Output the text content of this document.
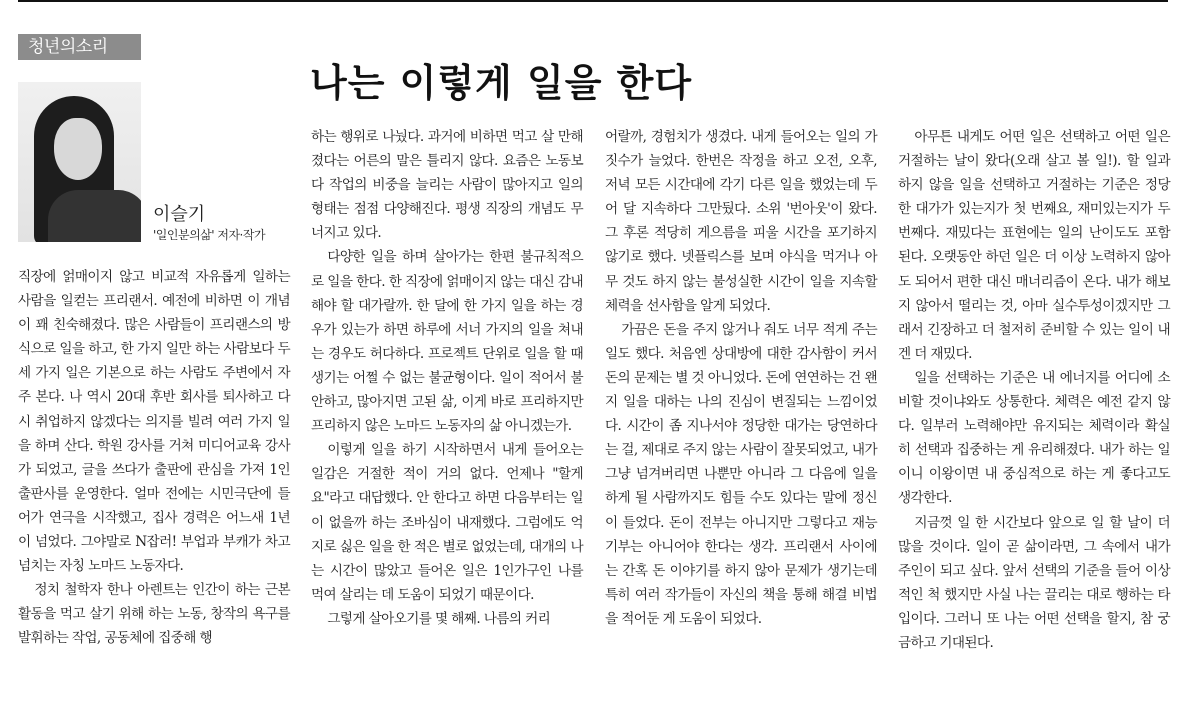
청년의소리
나는 이렇게 일을 한다
이슬기
'일인분의삶' 저자·작가

직장에 얽매이지 않고 비교적 자유롭게 일하는 사람을 일컫는 프리랜서. 예전에 비하면 이 개념이 꽤 친숙해졌다. 많은 사람들이 프리랜스의 방식으로 일을 하고, 한 가지 일만 하는 사람보다 두세 가지 일은 기본으로 하는 사람도 주변에서 자주 본다. 나 역시 20대 후반 회사를 퇴사하고 다시 취업하지 않겠다는 의지를 빌려 여러 가지 일을 하며 산다. 학원 강사를 거쳐 미디어교육 강사가 되었고, 글을 쓰다가 출판에 관심을 가져 1인 출판사를 운영한다. 얼마 전에는 시민극단에 들어가 연극을 시작했고, 집사 경력은 어느새 1년이 넘었다. 그야말로 N잡러! 부업과 부캐가 차고 넘치는 자칭 노마드 노동자다.

정치 철학자 한나 아렌트는 인간이 하는 근본 활동을 먹고 살기 위해 하는 노동, 창작의 욕구를 발휘하는 작업, 공동체에 집중해 행

하는 행위로 나눴다. 과거에 비하면 먹고 살 만해졌다는 어른의 말은 틀리지 않다. 요즘은 노동보다 작업의 비중을 늘리는 사람이 많아지고 일의 형태는 점점 다양해진다. 평생 직장의 개념도 무너지고 있다.

다양한 일을 하며 살아가는 한편 불규칙적으로 일을 한다. 한 직장에 얽매이지 않는 대신 감내해야 할 대가랄까. 한 달에 한 가지 일을 하는 경우가 있는가 하면 하루에 서너 가지의 일을 쳐내는 경우도 허다하다. 프로젝트 단위로 일을 할 때 생기는 어쩔 수 없는 불균형이다. 일이 적어서 불안하고, 많아지면 고된 삶, 이게 바로 프리하지만 프리하지 않은 노마드 노동자의 삶 아니겠는가.

이렇게 일을 하기 시작하면서 내게 들어오는 일감은 거절한 적이 거의 없다. 언제나 "할게요"라고 대답했다. 안 한다고 하면 다음부터는 일이 없을까 하는 조바심이 내재했다. 그럼에도 억지로 싫은 일을 한 적은 별로 없었는데, 대개의 나는 시간이 많았고 들어온 일은 1인가구인 나를 먹여 살리는 데 도움이 되었기 때문이다.

그렇게 살아오기를 몇 해째. 나름의 커리

어랄까, 경험치가 생겼다. 내게 들어오는 일의 가짓수가 늘었다. 한번은 작정을 하고 오전, 오후, 저녁 모든 시간대에 각기 다른 일을 했었는데 두어 달 지속하다 그만뒀다. 소위 '번아웃'이 왔다. 그 후론 적당히 게으름을 피울 시간을 포기하지 않기로 했다. 넷플릭스를 보며 야식을 먹거나 아무 것도 하지 않는 불성실한 시간이 일을 지속할 체력을 선사함을 알게 되었다.

가끔은 돈을 주지 않거나 줘도 너무 적게 주는 일도 했다. 처음엔 상대방에 대한 감사함이 커서 돈의 문제는 별 것 아니었다. 돈에 연연하는 건 왠지 일을 대하는 나의 진심이 변질되는 느낌이었다. 시간이 좀 지나서야 정당한 대가는 당연하다는 걸, 제대로 주지 않는 사람이 잘못되었고, 내가 그냥 넘겨버리면 나뿐만 아니라 그 다음에 일을 하게 될 사람까지도 힘들 수도 있다는 말에 정신이 들었다. 돈이 전부는 아니지만 그렇다고 재능 기부는 아니어야 한다는 생각. 프리랜서 사이에는 간혹 돈 이야기를 하지 않아 문제가 생기는데 특히 여러 작가들이 자신의 책을 통해 해결 비법을 적어둔 게 도움이 되었다.

아무튼 내게도 어떤 일은 선택하고 어떤 일은 거절하는 날이 왔다(오래 살고 볼 일!). 할 일과 하지 않을 일을 선택하고 거절하는 기준은 정당한 대가가 있는지가 첫 번째요, 재미있는지가 두 번째다. 재밌다는 표현에는 일의 난이도도 포함된다. 오랫동안 하던 일은 더 이상 노력하지 않아도 되어서 편한 대신 매너리즘이 온다. 내가 해보지 않아서 떨리는 것, 아마 실수투성이겠지만 그래서 긴장하고 더 철저히 준비할 수 있는 일이 내겐 더 재밌다.

일을 선택하는 기준은 내 에너지를 어디에 소비할 것이냐와도 상통한다. 체력은 예전 같지 않다. 일부러 노력해야만 유지되는 체력이라 확실히 선택과 집중하는 게 유리해졌다. 내가 하는 일이니 이왕이면 내 중심적으로 하는 게 좋다고도 생각한다.

지금껏 일 한 시간보다 앞으로 일 할 날이 더 많을 것이다. 일이 곧 삶이라면, 그 속에서 내가 주인이 되고 싶다. 앞서 선택의 기준을 들어 이상적인 척 했지만 사실 나는 끌리는 대로 행하는 타입이다. 그러니 또 나는 어떤 선택을 할지, 참 궁금하고 기대된다.
